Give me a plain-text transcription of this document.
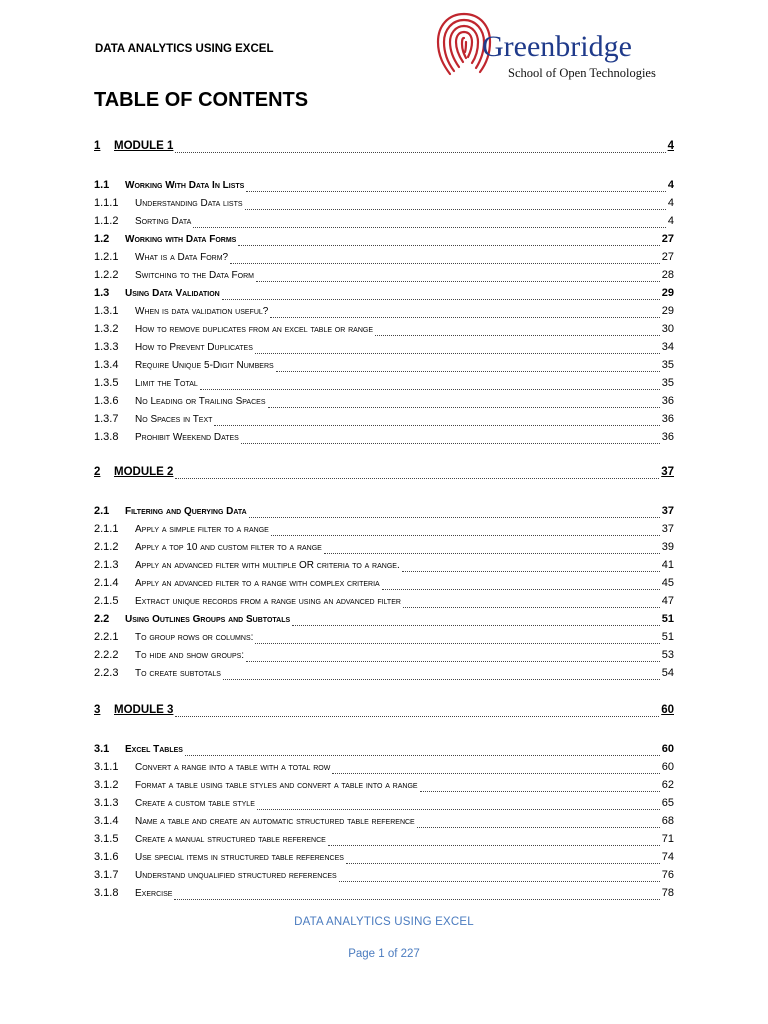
DATA ANALYTICS USING EXCEL	Greenbridge
School of Open Technologies
TABLE OF CONTENTS
1	MODULE 1	4
1.1	Working With Data In Lists	4
1.1.1	Understanding Data lists	4
1.1.2	Sorting Data	4
1.2	Working with Data Forms	27
1.2.1	What is a Data Form?	27
1.2.2	Switching to the Data Form	28
1.3	Using Data Validation	29
1.3.1	When is data validation useful?	29
1.3.2	How to remove duplicates from an excel table or range	30
1.3.3	How to Prevent Duplicates	34
1.3.4	Require Unique 5-Digit Numbers	35
1.3.5	Limit the Total	35
1.3.6	No Leading or Trailing Spaces	36
1.3.7	No Spaces in Text	36
1.3.8	Prohibit Weekend Dates	36
2	MODULE 2	37
2.1	Filtering and Querying Data	37
2.1.1	Apply a simple filter to a range	37
2.1.2	Apply a top 10 and custom filter to a range	39
2.1.3	Apply an advanced filter with multiple OR criteria to a range.	41
2.1.4	Apply an advanced filter to a range with complex criteria	45
2.1.5	Extract unique records from a range using an advanced filter	47
2.2	Using Outlines Groups and Subtotals	51
2.2.1	To group rows or columns:	51
2.2.2	To hide and show groups:	53
2.2.3	To create subtotals	54
3	MODULE 3	60
3.1	Excel Tables	60
3.1.1	Convert a range into a table with a total row	60
3.1.2	Format a table using table styles and convert a table into a range	62
3.1.3	Create a custom table style	65
3.1.4	Name a table and create an automatic structured table reference	68
3.1.5	Create a manual structured table reference	71
3.1.6	Use special items in structured table references	74
3.1.7	Understand unqualified structured references	76
3.1.8	Exercise	78
DATA ANALYTICS USING EXCEL
Page 1 of 227
